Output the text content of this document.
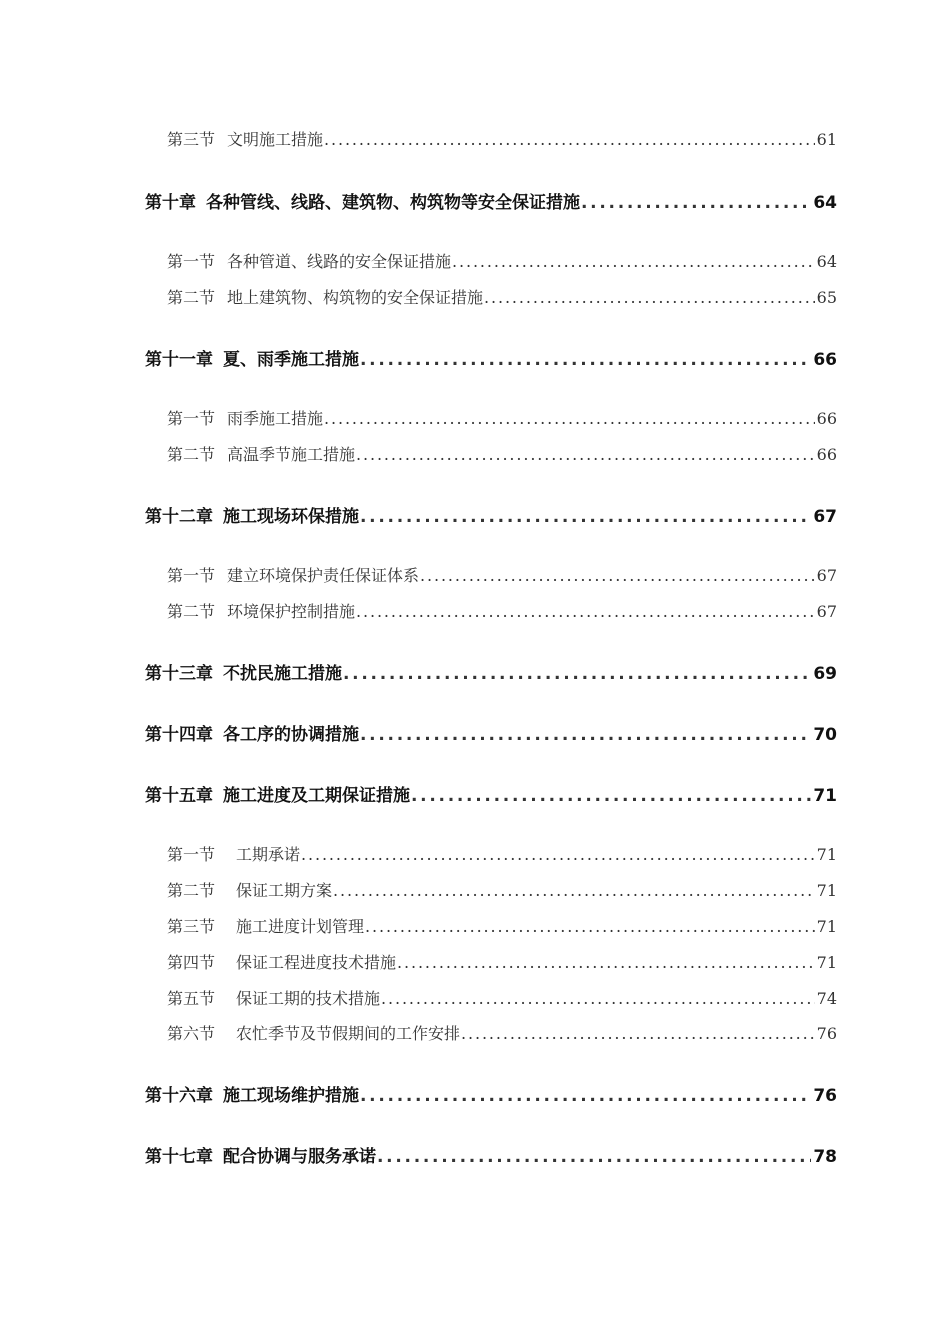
第三节 文明施工措施 . . .	61
第十章 各种管线、线路、建筑物、构筑物等安全保证措施 . . .	64
第一节 各种管道、线路的安全保证措施 . . .	64
第二节 地上建筑物、构筑物的安全保证措施 . . .	65
第十一章 夏、雨季施工措施 . . .	66
第一节 雨季施工措施 . . .	66
第二节 高温季节施工措施 . . .	66
第十二章 施工现场环保措施 . . .	67
第一节 建立环境保护责任保证体系 . . .	67
第二节 环境保护控制措施 . . .	67
第十三章 不扰民施工措施 . . .	69
第十四章 各工序的协调措施 . . .	70
第十五章 施工进度及工期保证措施 . . .	71
第一节 工期承诺 . . .	71
第二节 保证工期方案 . . .	71
第三节 施工进度计划管理 . . .	71
第四节 保证工程进度技术措施 . . .	71
第五节 保证工期的技术措施 . . .	74
第六节 农忙季节及节假期间的工作安排 . . .	76
第十六章 施工现场维护措施 . . .	76
第十七章 配合协调与服务承诺 . . .	78
